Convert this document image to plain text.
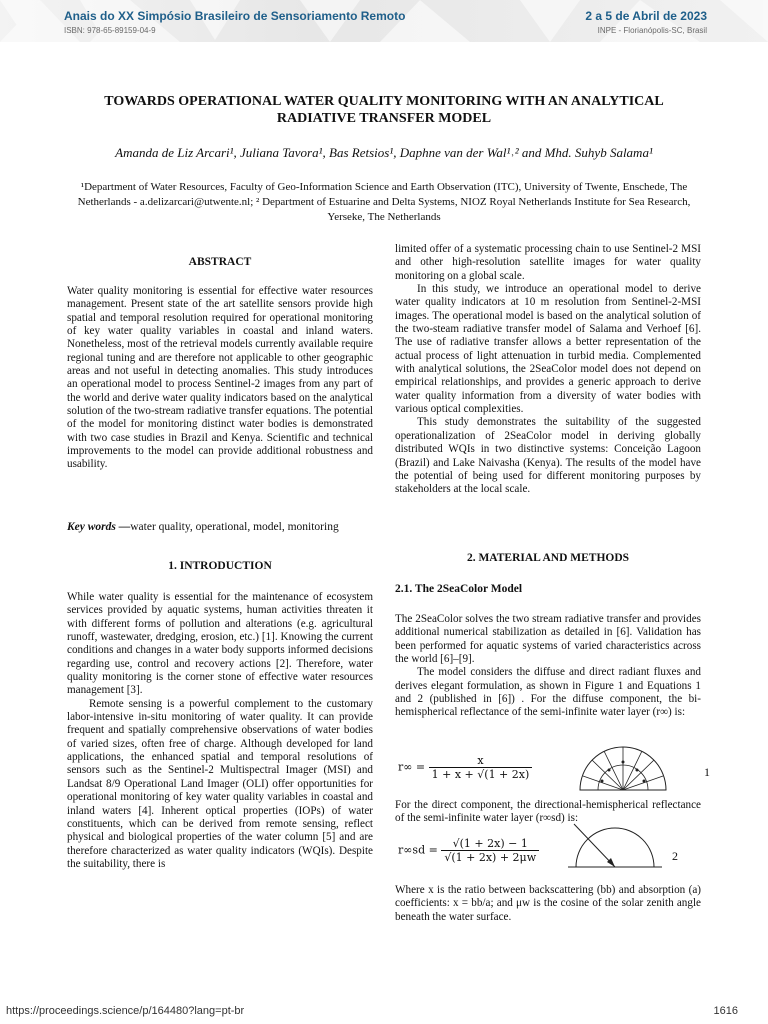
Anais do XX Simpósio Brasileiro de Sensoriamento Remoto
ISBN: 978-65-89159-04-9
2 a 5 de Abril de 2023
INPE - Florianópolis-SC, Brasil
TOWARDS OPERATIONAL WATER QUALITY MONITORING WITH AN ANALYTICAL
RADIATIVE TRANSFER MODEL
Amanda de Liz Arcari¹, Juliana Tavora¹, Bas Retsios¹, Daphne van der Wal¹˒² and Mhd. Suhyb Salama¹
¹Department of Water Resources, Faculty of Geo-Information Science and Earth Observation (ITC), University of Twente, Enschede, The Netherlands - a.delizarcari@utwente.nl; ² Department of Estuarine and Delta Systems, NIOZ Royal Netherlands Institute for Sea Research, Yerseke, The Netherlands
ABSTRACT

Water quality monitoring is essential for effective water resources management. Present state of the art satellite sensors provide high spatial and temporal resolution required for operational monitoring of key water quality variables in coastal and inland waters. Nonetheless, most of the retrieval models currently available require regional tuning and are therefore not applicable to other geographic areas and not useful in detecting anomalies. This study introduces an operational model to process Sentinel-2 images from any part of the world and derive water quality indicators based on the analytical solution of the two-stream radiative transfer equations. The potential of the model for monitoring distinct water bodies is demonstrated with two case studies in Brazil and Kenya. Scientific and technical improvements to the model can provide additional robustness and usability.

Key words —water quality, operational, model, monitoring
1. INTRODUCTION

While water quality is essential for the maintenance of ecosystem services provided by aquatic systems, human activities threaten it with different forms of pollution and alterations (e.g. agricultural runoff, wastewater, dredging, erosion, etc.) [1]. Knowing the current conditions and changes in a water body supports informed decisions regarding use, control and recovery actions [2]. Therefore, water quality monitoring is the corner stone of effective water resources management [3].

Remote sensing is a powerful complement to the customary labor-intensive in-situ monitoring of water quality. It can provide frequent and spatially comprehensive observations of water bodies of varied sizes, often free of charge. Although developed for land applications, the enhanced spatial and temporal resolutions of sensors such as the Sentinel-2 Multispectral Imager (MSI) and Landsat 8/9 Operational Land Imager (OLI) offer opportunities for operational monitoring of key water quality variables in coastal and inland waters [4]. Inherent optical properties (IOPs) of water constituents, which can be derived from remote sensing, reflect physical and biological properties of the water column [5] and are therefore characterized as water quality indicators (WQIs). Despite the suitability, there is

limited offer of a systematic processing chain to use Sentinel-2 MSI and other high-resolution satellite images for water quality monitoring on a global scale.

In this study, we introduce an operational model to derive water quality indicators at 10 m resolution from Sentinel-2-MSI images. The operational model is based on the analytical solution of the two-steam radiative transfer model of Salama and Verhoef [6]. The use of radiative transfer allows a better representation of the actual process of light attenuation in turbid media. Complemented with analytical solutions, the 2SeaColor model does not depend on empirical relationships, and provides a generic approach to derive water quality information from a diversity of water bodies with various optical complexities.

This study demonstrates the suitability of the suggested operationalization of 2SeaColor model in deriving globally distributed WQIs in two distinctive systems: Conceição Lagoon (Brazil) and Lake Naivasha (Kenya). The results of the model have the potential of being used for different monitoring purposes by stakeholders at the local scale.

2. MATERIAL AND METHODS
2.1. The 2SeaColor Model

The 2SeaColor solves the two stream radiative transfer and provides additional numerical stabilization as detailed in [6]. Validation has been performed for aquatic systems of varied characteristics across the world [6]–[9].

The model considers the diffuse and direct radiant fluxes and derives elegant formulation, as shown in Figure 1 and Equations 1 and 2 (published in [6]) . For the diffuse component, the bi-hemispherical reflectance of the semi-infinite water layer (r∞) is:

$r\infty = \frac{x}{1 + x + √(1 + 2x)}$	1

For the direct component, the directional-hemispherical reflectance of the semi-infinite water layer (r∞sd) is:

$r\infty sd = \frac{√(1 + 2x) - 1}{√(1 + 2x) + 2\mu w}$	2

Where x is the ratio between backscattering (bb) and absorption (a) coefficients: x = bb/a; and μw is the cosine of the solar zenith angle beneath the water surface.

https://proceedings.science/p/164480?lang=pt-br	1616
